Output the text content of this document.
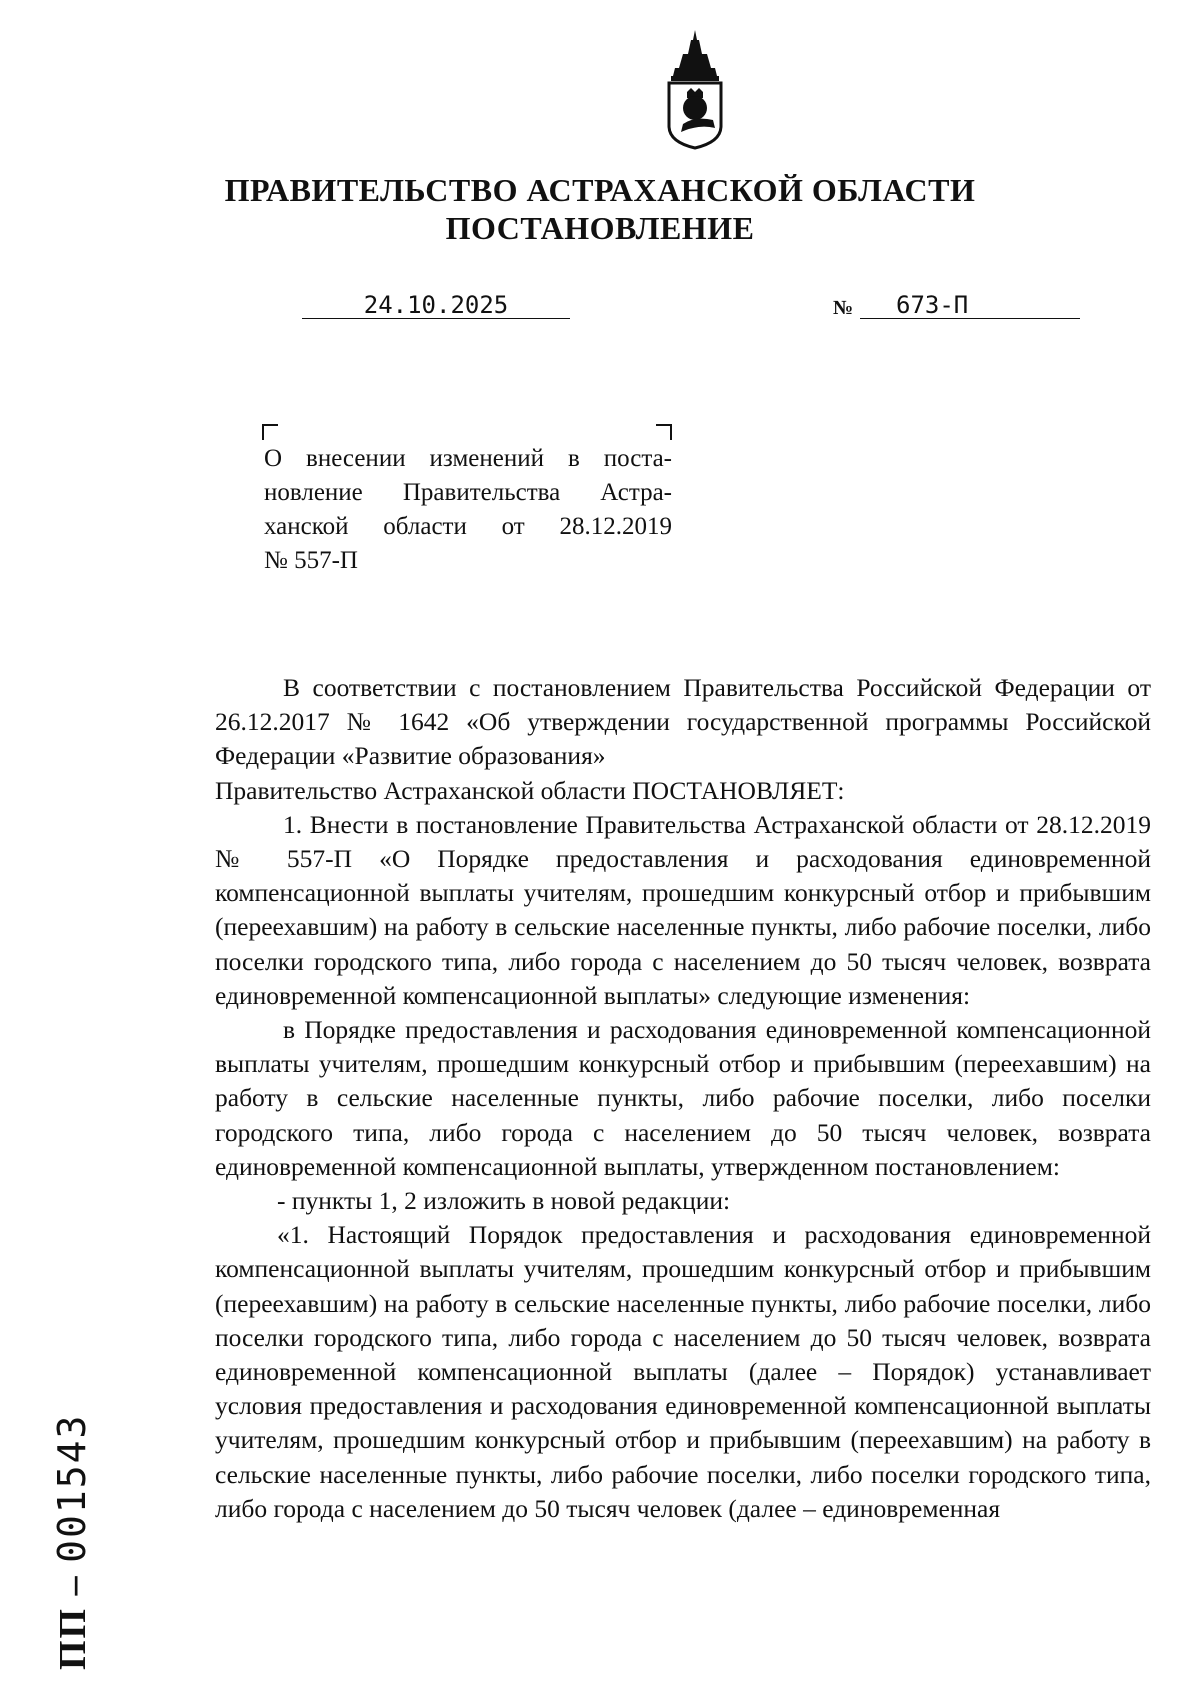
ПРАВИТЕЛЬСТВО АСТРАХАНСКОЙ ОБЛАСТИ
ПОСТАНОВЛЕНИЕ
24.10.2025	№	673-П

О внесении изменений в поста-

новление Правительства Астра-

ханской области от 28.12.2019

№ 557-П

В соответствии с постановлением Правительства Российской Федерации от 26.12.2017 № 1642 «Об утверждении государственной программы Российской Федерации «Развитие образования»

Правительство Астраханской области ПОСТАНОВЛЯЕТ:

1. Внести в постановление Правительства Астраханской области от 28.12.2019 № 557-П «О Порядке предоставления и расходования единовременной компенсационной выплаты учителям, прошедшим конкурсный отбор и прибывшим (переехавшим) на работу в сельские населенные пункты, либо рабочие поселки, либо поселки городского типа, либо города с населением до 50 тысяч человек, возврата единовременной компенсационной выплаты» следующие изменения:

в Порядке предоставления и расходования единовременной компенсационной выплаты учителям, прошедшим конкурсный отбор и прибывшим (переехавшим) на работу в сельские населенные пункты, либо рабочие поселки, либо поселки городского типа, либо города с населением до 50 тысяч человек, возврата единовременной компенсационной выплаты, утвержденном постановлением:

- пункты 1, 2 изложить в новой редакции:

«1. Настоящий Порядок предоставления и расходования единовременной компенсационной выплаты учителям, прошедшим конкурсный отбор и прибывшим (переехавшим) на работу в сельские населенные пункты, либо рабочие поселки, либо поселки городского типа, либо города с населением до 50 тысяч человек, возврата единовременной компенсационной выплаты (далее – Порядок) устанавливает условия предоставления и расходования единовременной компенсационной выплаты учителям, прошедшим конкурсный отбор и прибывшим (переехавшим) на работу в сельские населенные пункты, либо рабочие поселки, либо поселки городского типа, либо города с населением до 50 тысяч человек (далее – единовременная

ПП – 001543
